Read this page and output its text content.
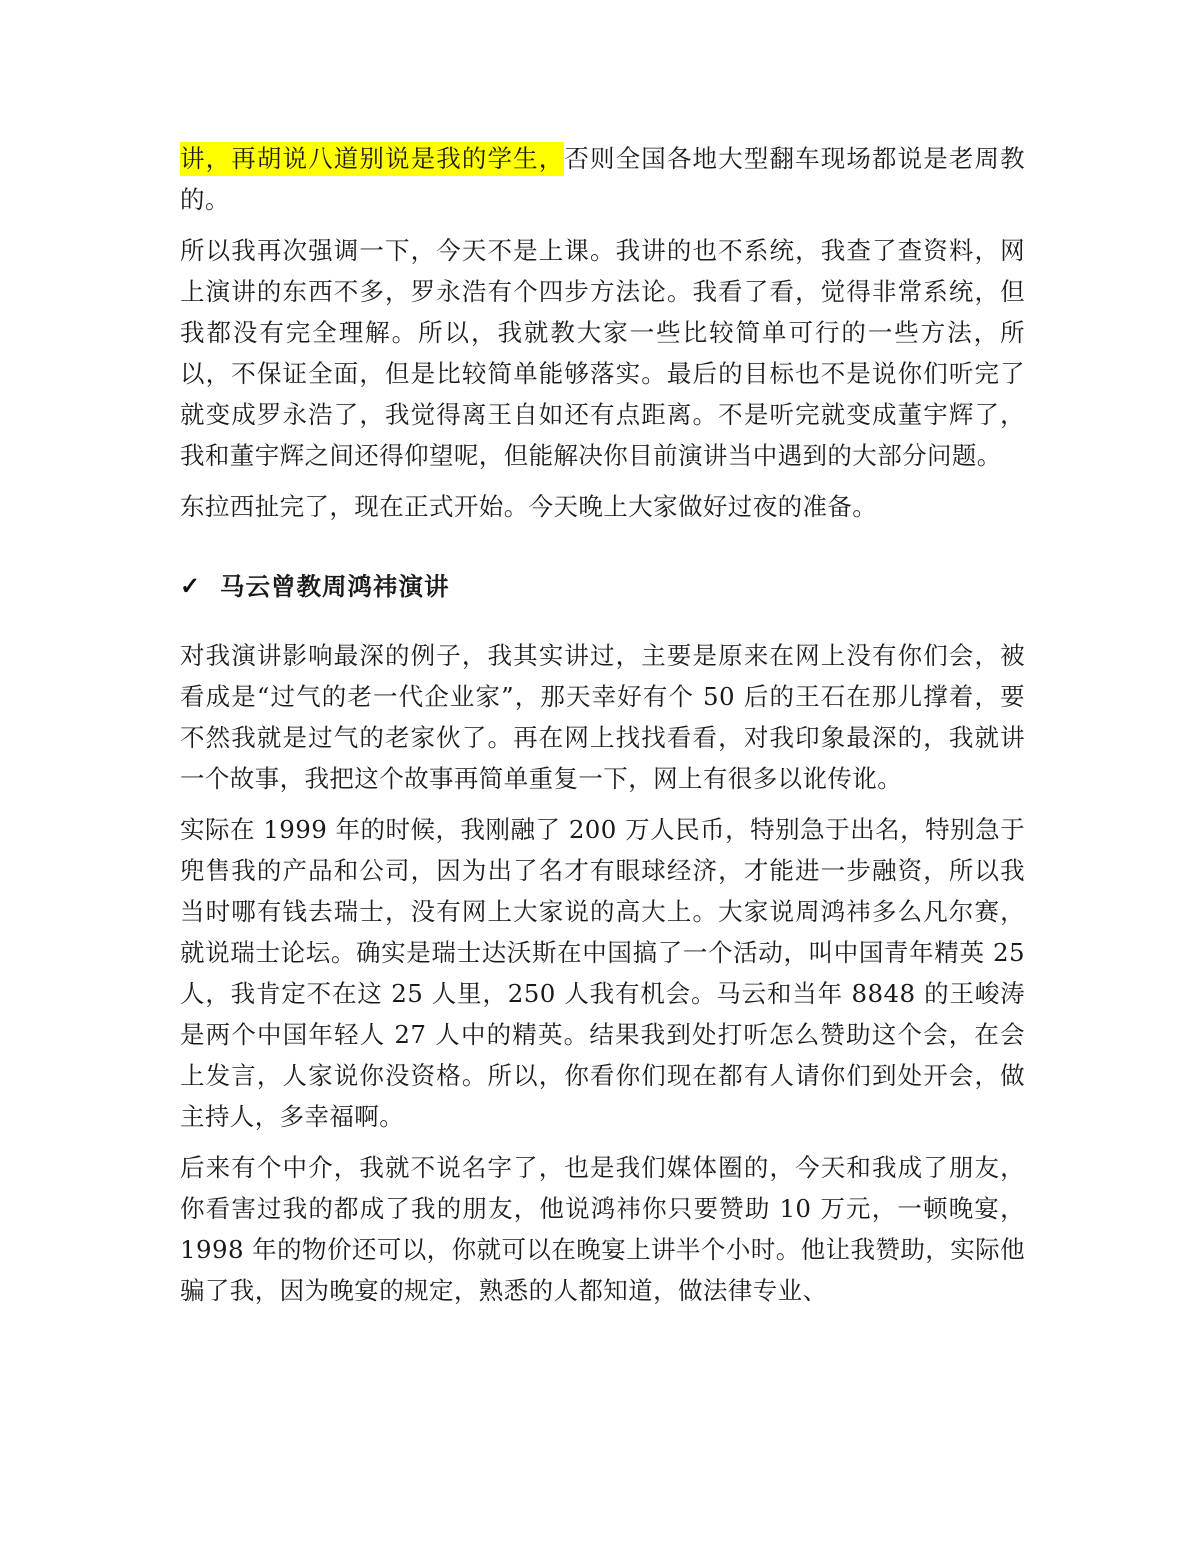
讲，再胡说八道别说是我的学生，否则全国各地大型翻车现场都说是老周教的。

所以我再次强调一下，今天不是上课。我讲的也不系统，我查了查资料，网上演讲的东西不多，罗永浩有个四步方法论。我看了看，觉得非常系统，但我都没有完全理解。所以，我就教大家一些比较简单可行的一些方法，所以，不保证全面，但是比较简单能够落实。最后的目标也不是说你们听完了就变成罗永浩了，我觉得离王自如还有点距离。不是听完就变成董宇辉了，我和董宇辉之间还得仰望呢，但能解决你目前演讲当中遇到的大部分问题。

东拉西扯完了，现在正式开始。今天晚上大家做好过夜的准备。

✓ 马云曾教周鸿祎演讲

对我演讲影响最深的例子，我其实讲过，主要是原来在网上没有你们会，被看成是“过气的老一代企业家”，那天幸好有个 50 后的王石在那儿撑着，要不然我就是过气的老家伙了。再在网上找找看看，对我印象最深的，我就讲一个故事，我把这个故事再简单重复一下，网上有很多以讹传讹。

实际在 1999 年的时候，我刚融了 200 万人民币，特别急于出名，特别急于兜售我的产品和公司，因为出了名才有眼球经济，才能进一步融资，所以我当时哪有钱去瑞士，没有网上大家说的高大上。大家说周鸿祎多么凡尔赛，就说瑞士论坛。确实是瑞士达沃斯在中国搞了一个活动，叫中国青年精英 25 人，我肯定不在这 25 人里，250 人我有机会。马云和当年 8848 的王峻涛是两个中国年轻人 27 人中的精英。结果我到处打听怎么赞助这个会，在会上发言，人家说你没资格。所以，你看你们现在都有人请你们到处开会，做主持人，多幸福啊。

后来有个中介，我就不说名字了，也是我们媒体圈的，今天和我成了朋友，你看害过我的都成了我的朋友，他说鸿祎你只要赞助 10 万元，一顿晚宴，1998 年的物价还可以，你就可以在晚宴上讲半个小时。他让我赞助，实际他骗了我，因为晚宴的规定，熟悉的人都知道，做法律专业、
